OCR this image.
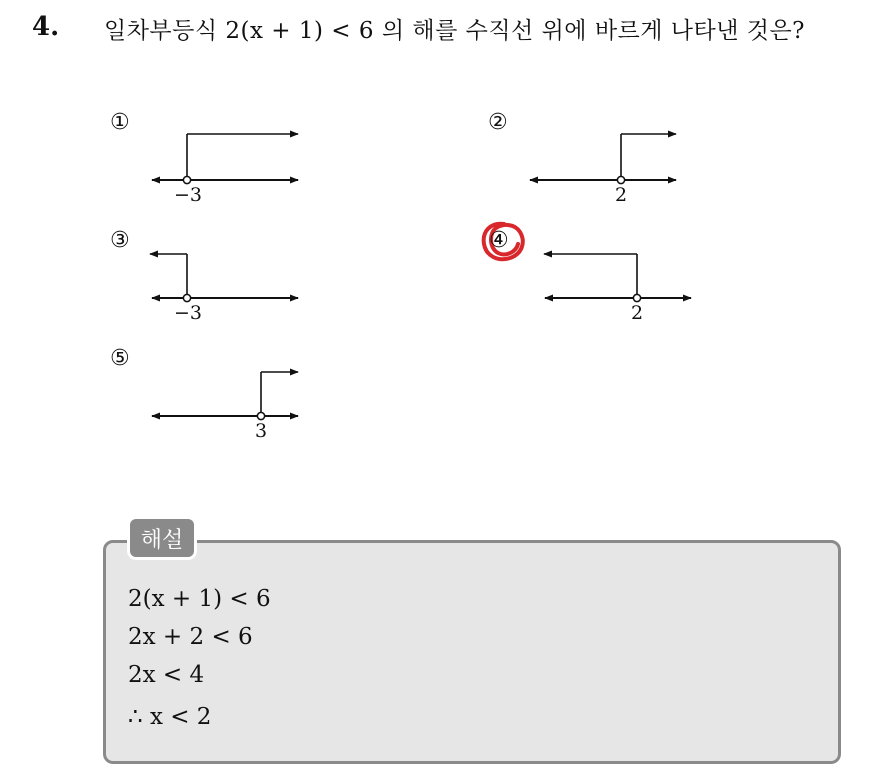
4. 일차부등식 2(x + 1) < 6 의 해를 수직선 위에 바르게 나타낸 것은?
①
−3
②
2
③
−3
④
2
⑤
3
해설
2(x + 1) < 6
2x + 2 < 6
2x < 4
∴ x < 2
